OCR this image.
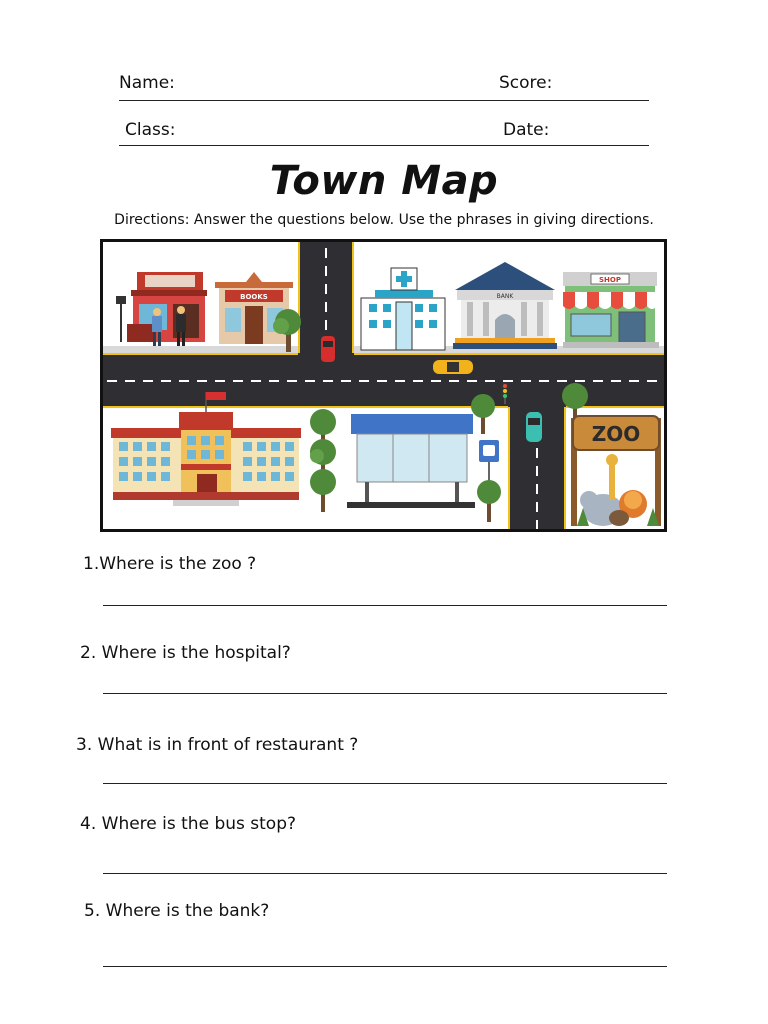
Name:	Score:
Class:	Date:
Town Map
Directions: Answer the questions below. Use the phrases in giving directions.
BOOKS	BANK
SHOP
ZOO
1.Where is the zoo ?
2. Where is the hospital?
3. What is in front of restaurant ?
4. Where is the bus stop?
5. Where is the bank?
